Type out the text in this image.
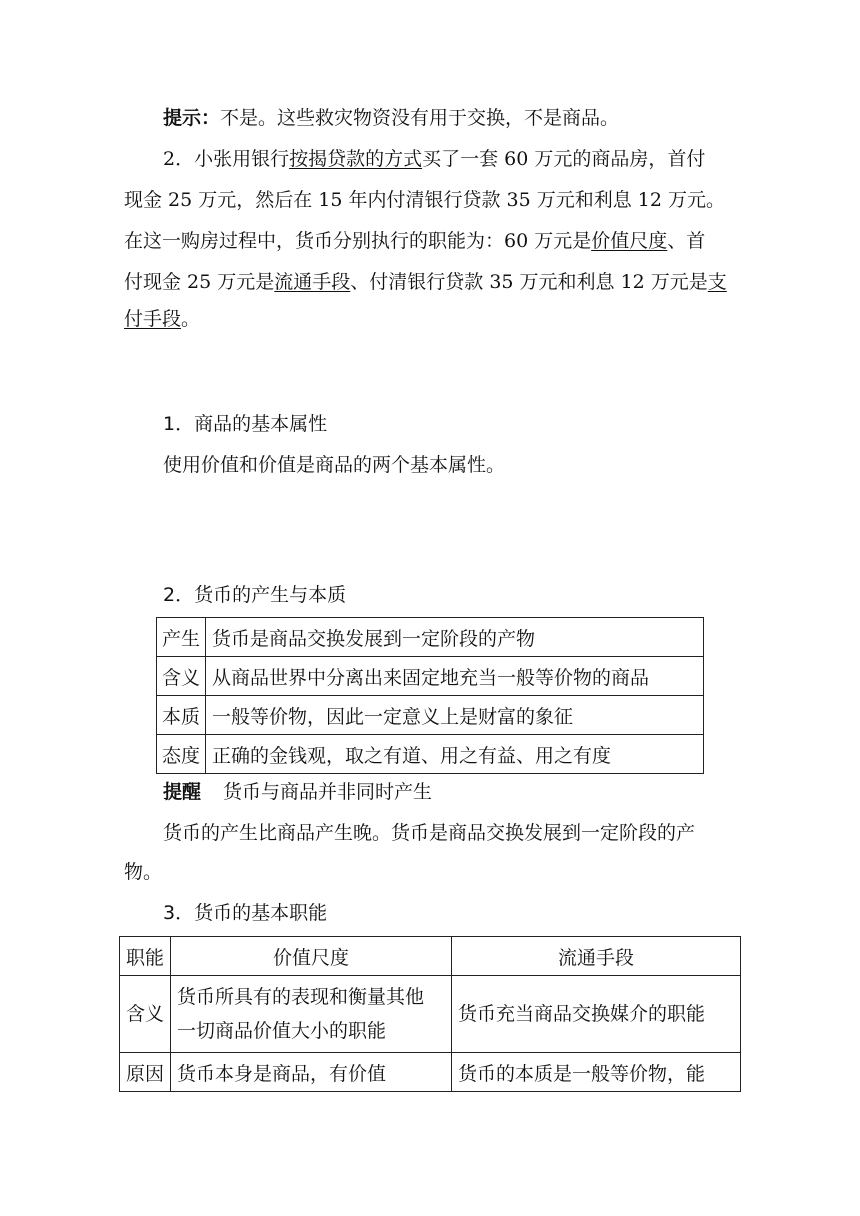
提示：不是。这些救灾物资没有用于交换，不是商品。
2．小张用银行按揭贷款的方式买了一套 60 万元的商品房，首付
现金 25 万元，然后在 15 年内付清银行贷款 35 万元和利息 12 万元。
在这一购房过程中，货币分别执行的职能为：60 万元是价值尺度、首
付现金 25 万元是流通手段、付清银行贷款 35 万元和利息 12 万元是支
付手段。
1．商品的基本属性
使用价值和价值是商品的两个基本属性。
2．货币的产生与本质
产生	货币是商品交换发展到一定阶段的产物
含义	从商品世界中分离出来固定地充当一般等价物的商品
本质	一般等价物，因此一定意义上是财富的象征
态度	正确的金钱观，取之有道、用之有益、用之有度
提醒 货币与商品并非同时产生
货币的产生比商品产生晚。货币是商品交换发展到一定阶段的产
物。
3．货币的基本职能
职能	价值尺度	流通手段
含义	货币所具有的表现和衡量其他
一切商品价值大小的职能	货币充当商品交换媒介的职能
原因	货币本身是商品，有价值	货币的本质是一般等价物，能
